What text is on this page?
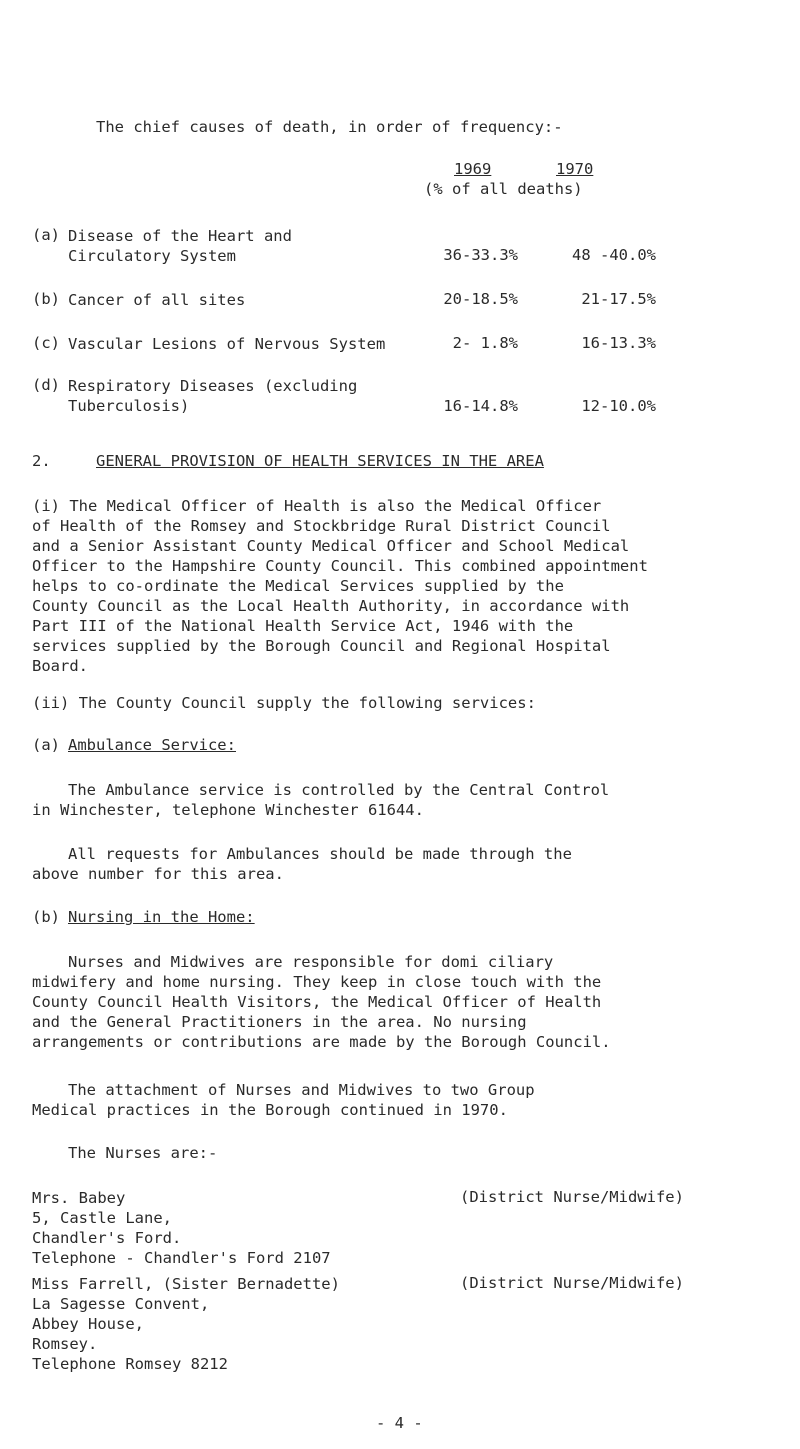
The chief causes of death, in order of frequency:-
1969	1970
(% of all deaths)
(a) Disease of the Heart and
Circulatory System	36-33.3%	48 -40.0%
(b) Cancer of all sites	20-18.5%	21-17.5%
(c) Vascular Lesions of Nervous System	2- 1.8%	16-13.3%
(d) Respiratory Diseases (excluding
Tuberculosis)	16-14.8%	12-10.0%
2.	GENERAL PROVISION OF HEALTH SERVICES IN THE AREA
(i) The Medical Officer of Health is also the Medical Officer
of Health of the Romsey and Stockbridge Rural District Council
and a Senior Assistant County Medical Officer and School Medical
Officer to the Hampshire County Council. This combined appointment
helps to co-ordinate the Medical Services supplied by the
County Council as the Local Health Authority, in accordance with
Part III of the National Health Service Act, 1946 with the
services supplied by the Borough Council and Regional Hospital
Board.
(ii) The County Council supply the following services:
(a) Ambulance Service:
The Ambulance service is controlled by the Central Control
in Winchester, telephone Winchester 61644.
All requests for Ambulances should be made through the
above number for this area.
(b) Nursing in the Home:
Nurses and Midwives are responsible for domi ciliary
midwifery and home nursing. They keep in close touch with the
County Council Health Visitors, the Medical Officer of Health
and the General Practitioners in the area. No nursing
arrangements or contributions are made by the Borough Council.
The attachment of Nurses and Midwives to two Group
Medical practices in the Borough continued in 1970.
The Nurses are:-
Mrs. Babey
5, Castle Lane,
Chandler's Ford.
Telephone - Chandler's Ford 2107
(District Nurse/Midwife)
Miss Farrell, (Sister Bernadette)
La Sagesse Convent,
Abbey House,
Romsey.
Telephone Romsey 8212
(District Nurse/Midwife)
- 4 -
